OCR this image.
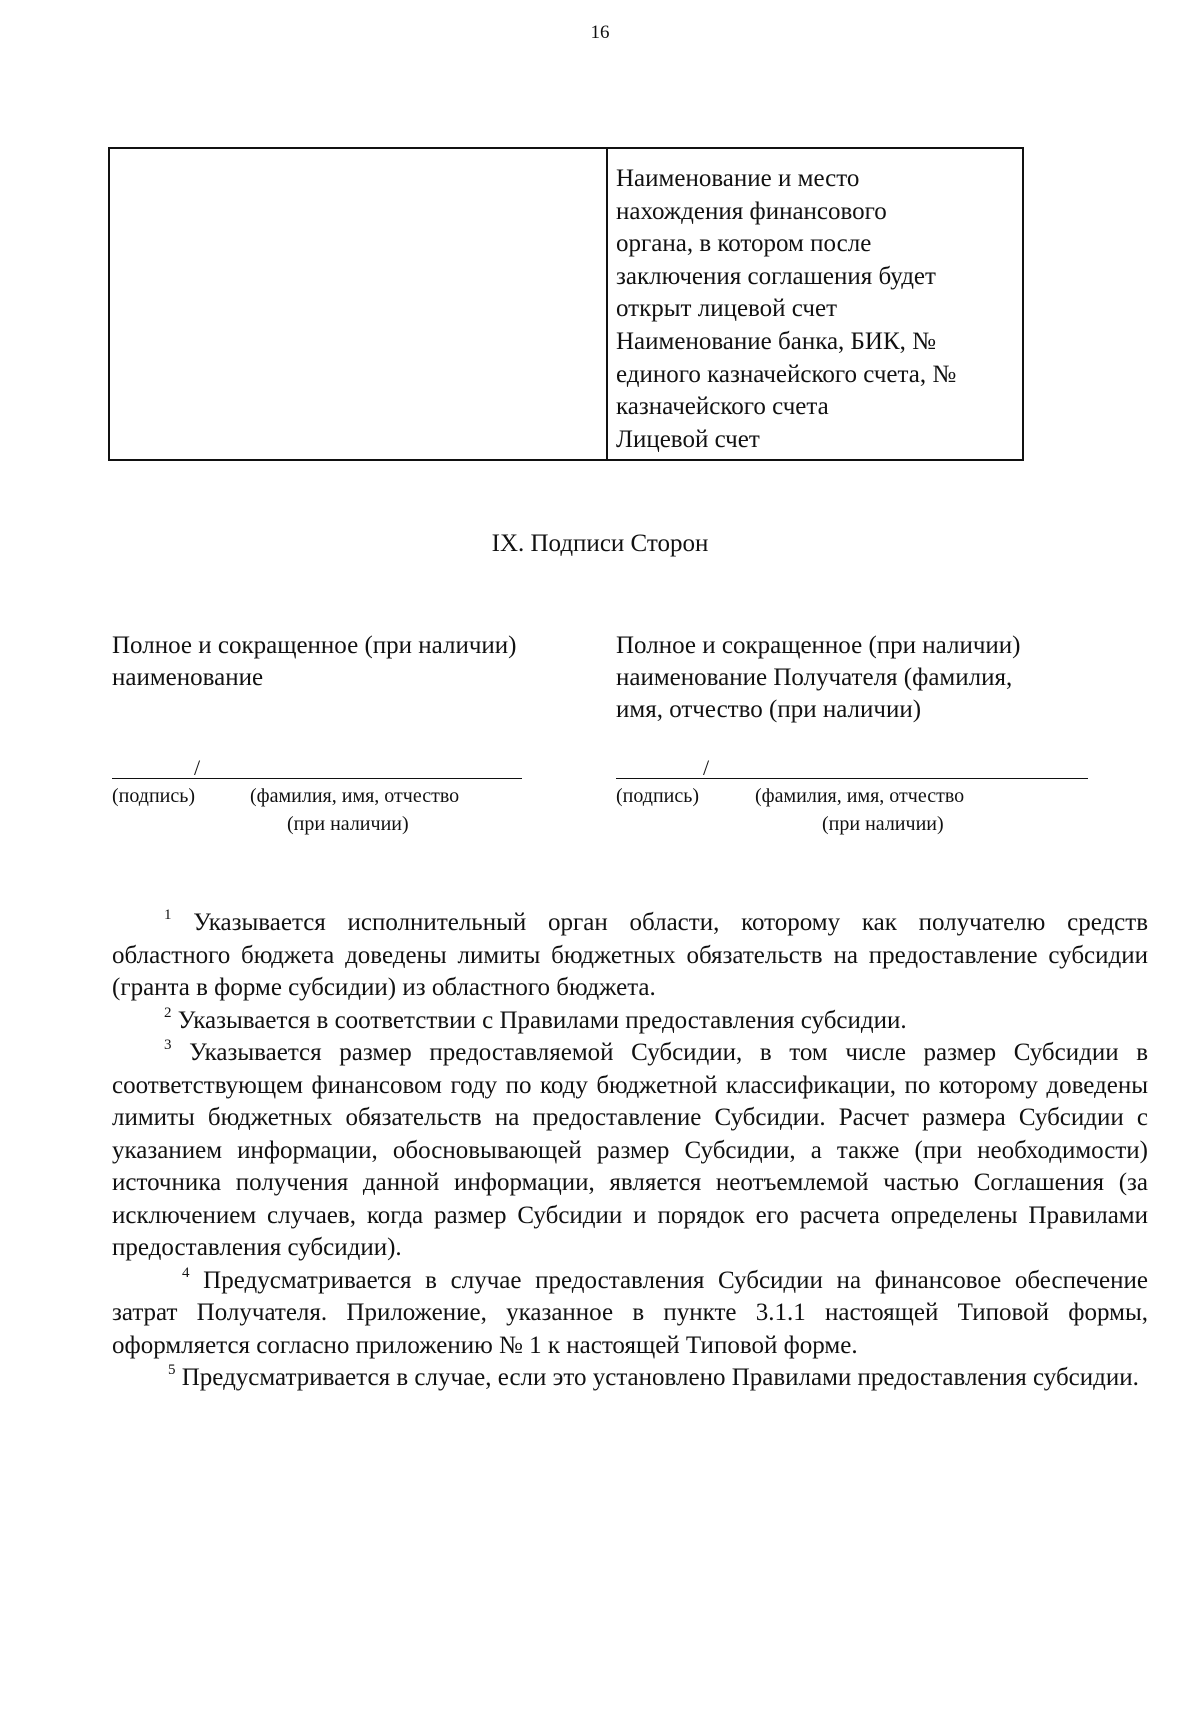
16

Наименование и место
нахождения финансового
органа, в котором после
заключения соглашения будет
открыт лицевой счет
Наименование банка, БИК, №
единого казначейского счета, №
казначейского счета
Лицевой счет
IX. Подписи Сторон
Полное и сокращенное (при наличии)
наименование
Полное и сокращенное (при наличии)
наименование Получателя (фамилия,
имя, отчество (при наличии)
/
(подпись)	(фамилия, имя, отчество
(при наличии)
/
(подпись)	(фамилия, имя, отчество
(при наличии)

$^1$ Указывается исполнительный орган области, которому как получателю средств областного бюджета доведены лимиты бюджетных обязательств на предоставление субсидии (гранта в форме субсидии) из областного бюджета.

$^2$ Указывается в соответствии с Правилами предоставления субсидии.

$^3$ Указывается размер предоставляемой Субсидии, в том числе размер Субсидии в соответствующем финансовом году по коду бюджетной классификации, по которому доведены лимиты бюджетных обязательств на предоставление Субсидии. Расчет размера Субсидии с указанием информации, обосновывающей размер Субсидии, а также (при необходимости) источника получения данной информации, является неотъемлемой частью Соглашения (за исключением случаев, когда размер Субсидии и порядок его расчета определены Правилами предоставления субсидии).

$^4$ Предусматривается в случае предоставления Субсидии на финансовое обеспечение затрат Получателя. Приложение, указанное в пункте 3.1.1 настоящей Типовой формы, оформляется согласно приложению № 1 к настоящей Типовой форме.

$^5$ Предусматривается в случае, если это установлено Правилами предоставления субсидии.
